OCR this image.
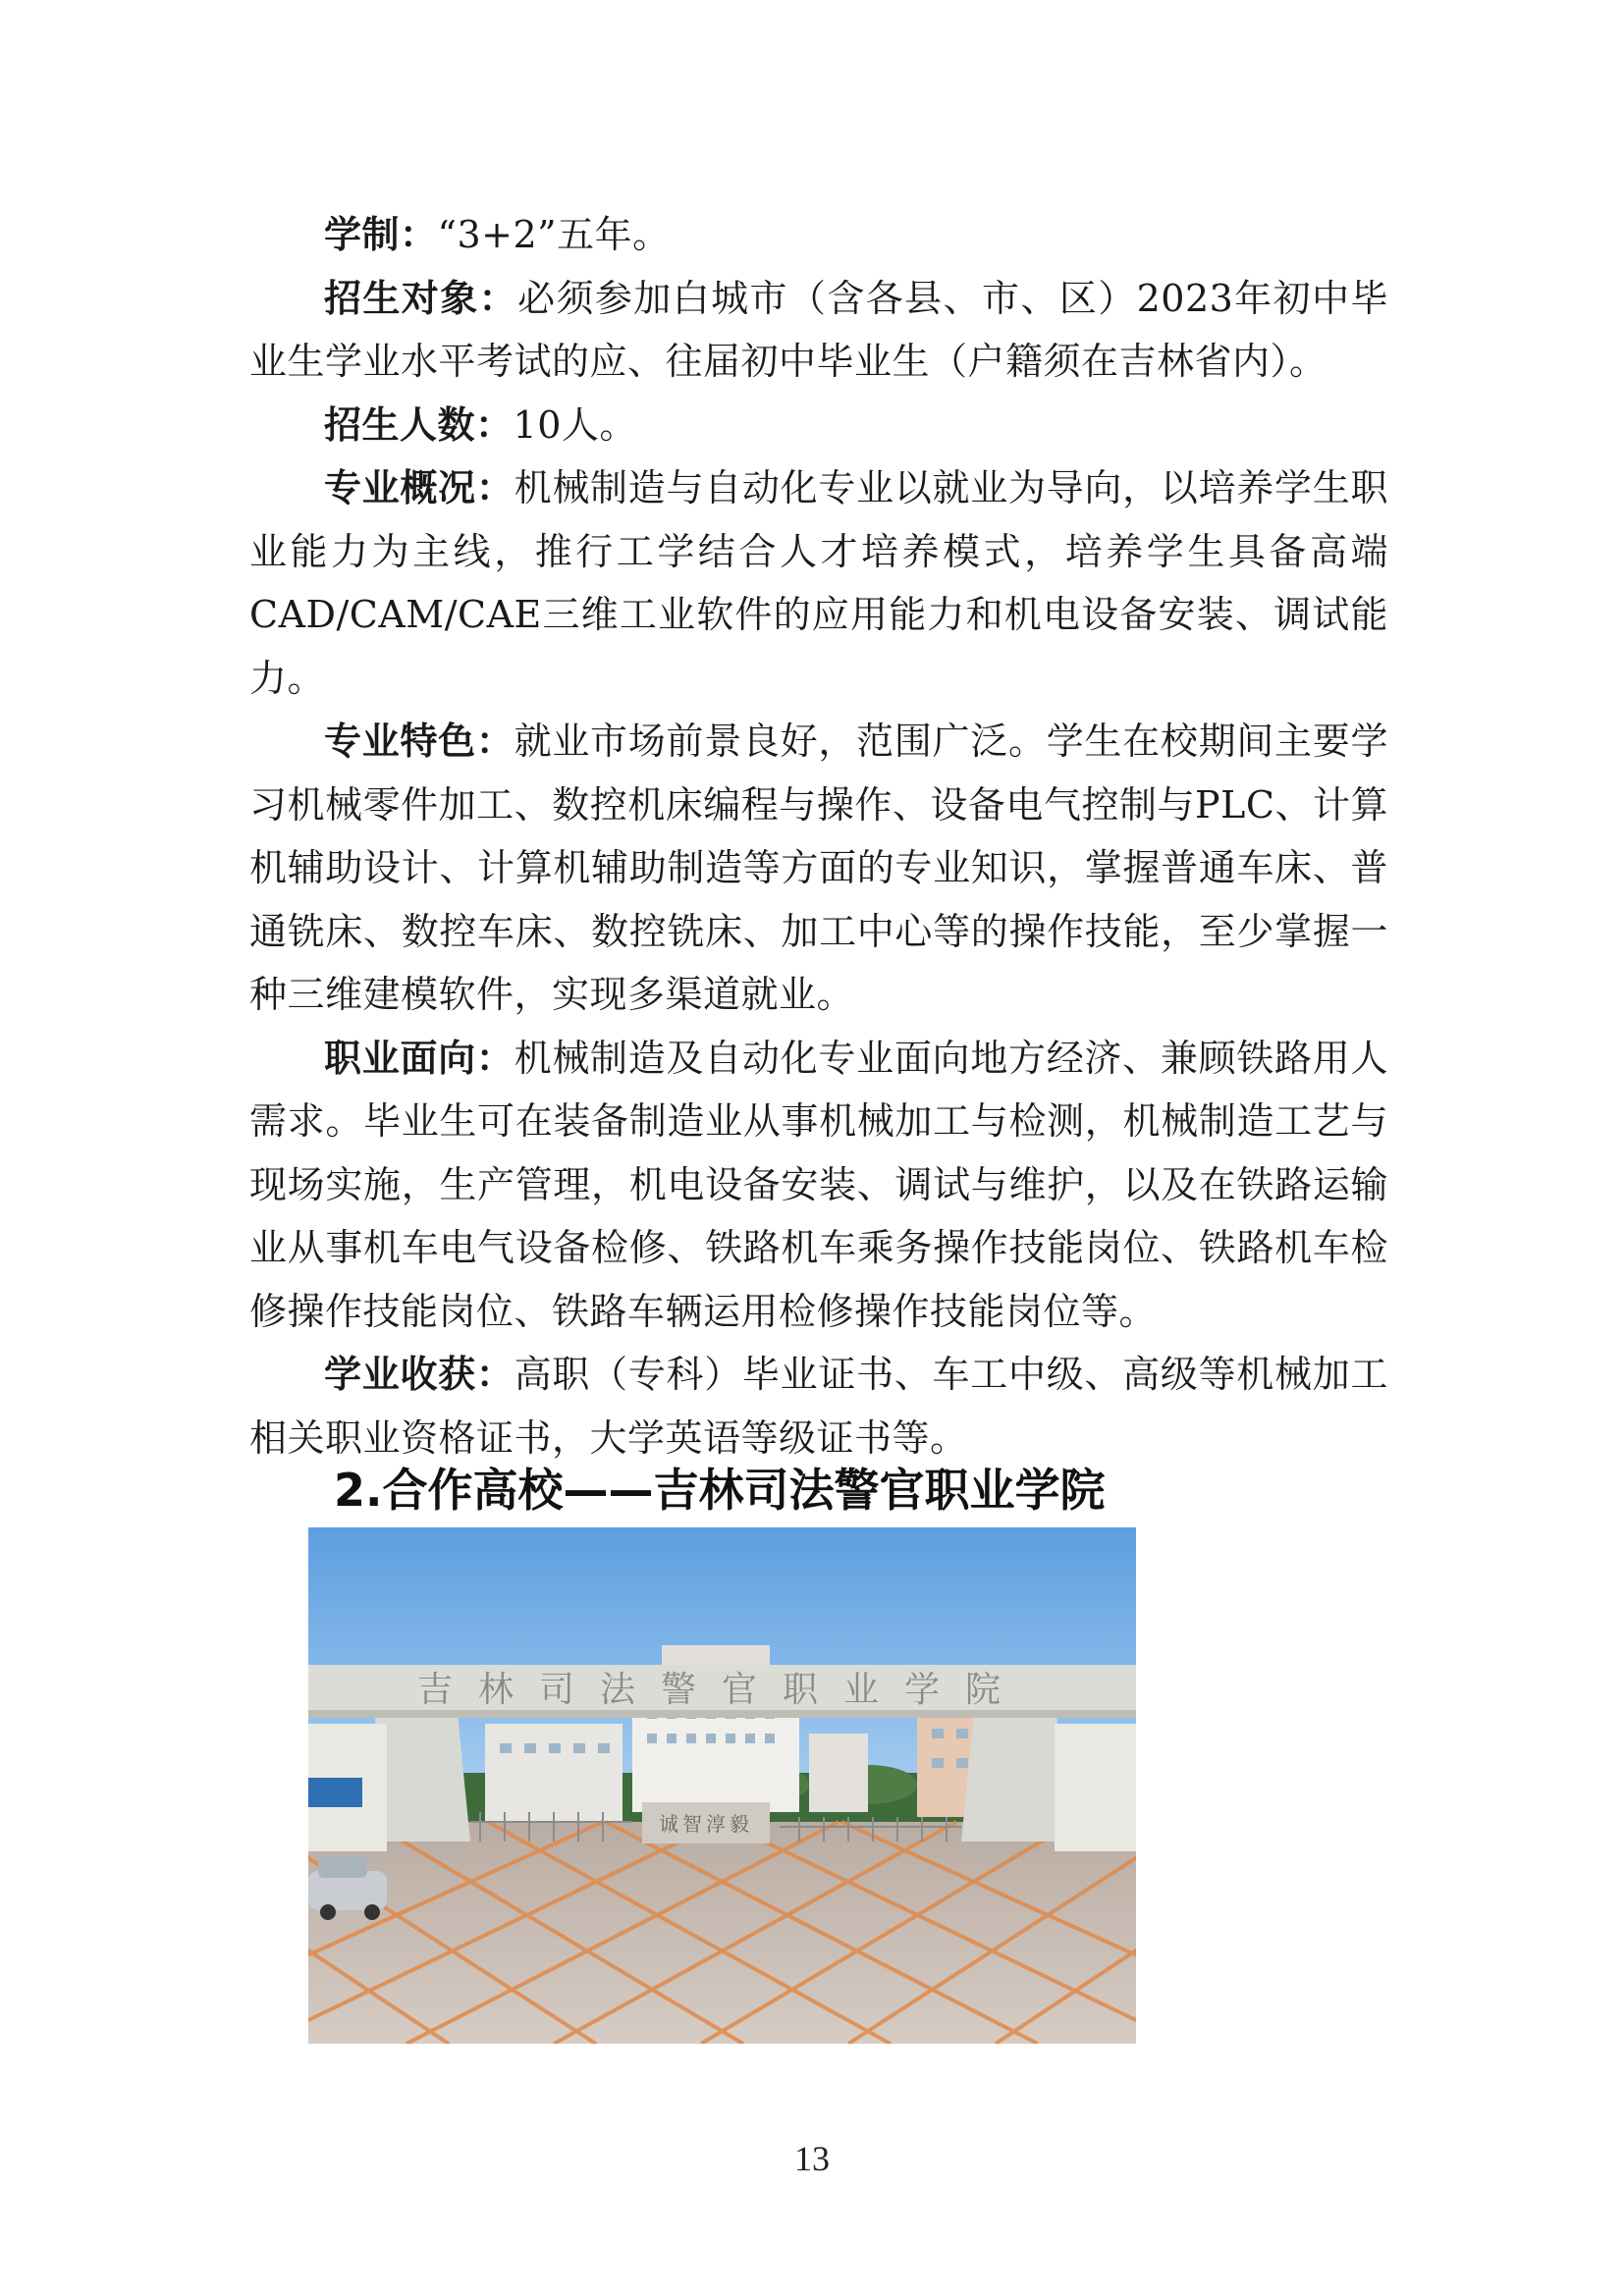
学制：“3+2”五年。

招生对象：必须参加白城市（含各县、市、区）2023年初中毕业生学业水平考试的应、往届初中毕业生（户籍须在吉林省内）。

招生人数：10人。

专业概况：机械制造与自动化专业以就业为导向，以培养学生职业能力为主线，推行工学结合人才培养模式，培养学生具备高端CAD/CAM/CAE三维工业软件的应用能力和机电设备安装、调试能力。

专业特色：就业市场前景良好，范围广泛。学生在校期间主要学习机械零件加工、数控机床编程与操作、设备电气控制与PLC、计算机辅助设计、计算机辅助制造等方面的专业知识，掌握普通车床、普通铣床、数控车床、数控铣床、加工中心等的操作技能，至少掌握一种三维建模软件，实现多渠道就业。

职业面向：机械制造及自动化专业面向地方经济、兼顾铁路用人需求。毕业生可在装备制造业从事机械加工与检测，机械制造工艺与现场实施，生产管理，机电设备安装、调试与维护，以及在铁路运输业从事机车电气设备检修、铁路机车乘务操作技能岗位、铁路机车检修操作技能岗位、铁路车辆运用检修操作技能岗位等。

学业收获：高职（专科）毕业证书、车工中级、高级等机械加工相关职业资格证书，大学英语等级证书等。

2.合作高校——吉林司法警官职业学院
吉林司法警官职业学院
诚智淳毅
13
